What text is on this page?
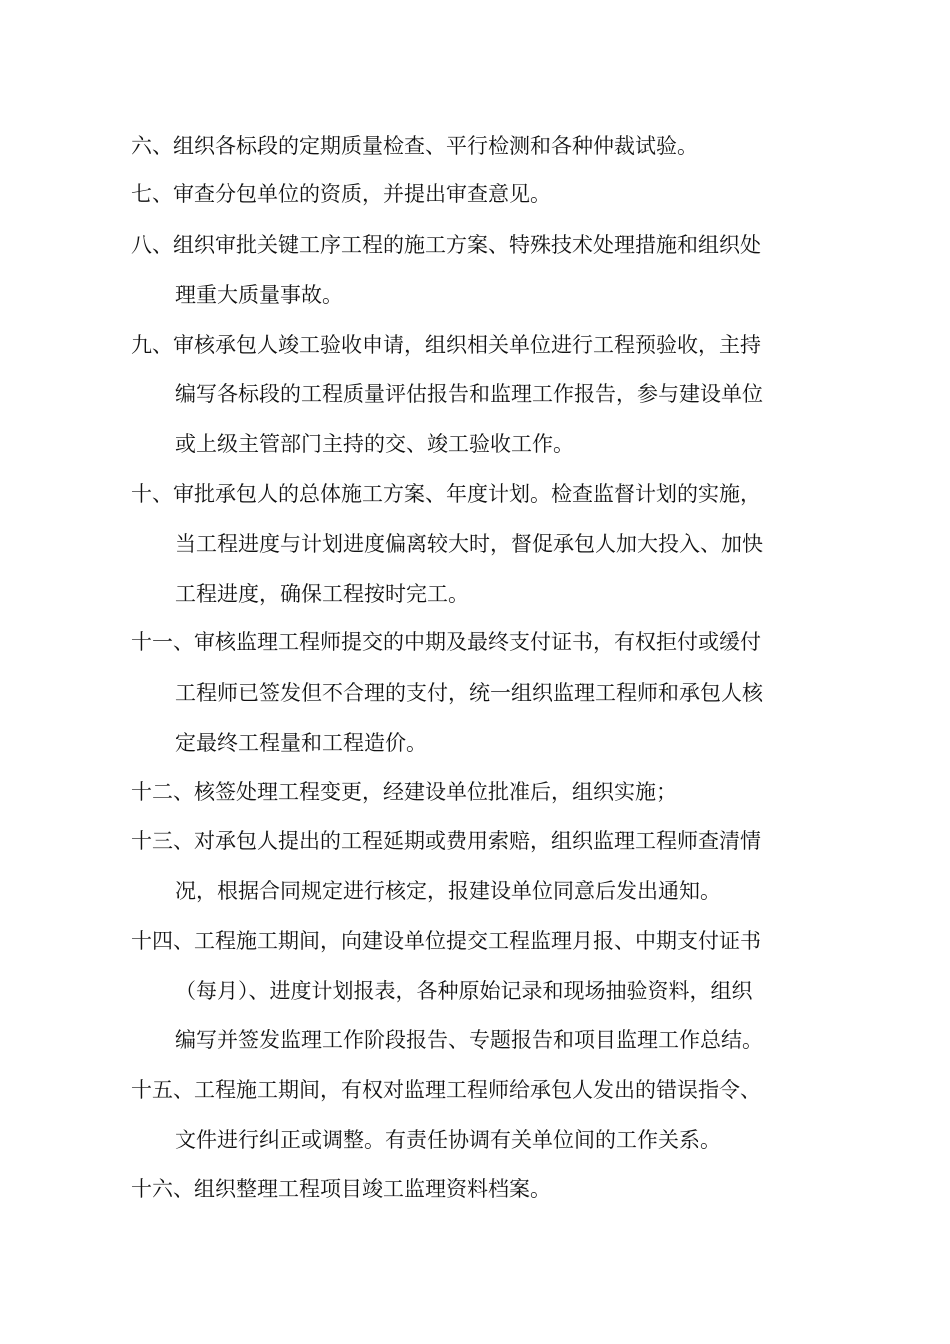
六、组织各标段的定期质量检查、平行检测和各种仲裁试验。
七、审查分包单位的资质，并提出审查意见。
八、组织审批关键工序工程的施工方案、特殊技术处理措施和组织处
理重大质量事故。
九、审核承包人竣工验收申请，组织相关单位进行工程预验收，主持
编写各标段的工程质量评估报告和监理工作报告，参与建设单位
或上级主管部门主持的交、竣工验收工作。
十、审批承包人的总体施工方案、年度计划。检查监督计划的实施，
当工程进度与计划进度偏离较大时，督促承包人加大投入、加快
工程进度，确保工程按时完工。
十一、审核监理工程师提交的中期及最终支付证书，有权拒付或缓付
工程师已签发但不合理的支付，统一组织监理工程师和承包人核
定最终工程量和工程造价。
十二、核签处理工程变更，经建设单位批准后，组织实施；
十三、对承包人提出的工程延期或费用索赔，组织监理工程师查清情
况，根据合同规定进行核定，报建设单位同意后发出通知。
十四、工程施工期间，向建设单位提交工程监理月报、中期支付证书
（每月）、进度计划报表，各种原始记录和现场抽验资料，组织
编写并签发监理工作阶段报告、专题报告和项目监理工作总结。
十五、工程施工期间，有权对监理工程师给承包人发出的错误指令、
文件进行纠正或调整。有责任协调有关单位间的工作关系。
十六、组织整理工程项目竣工监理资料档案。
